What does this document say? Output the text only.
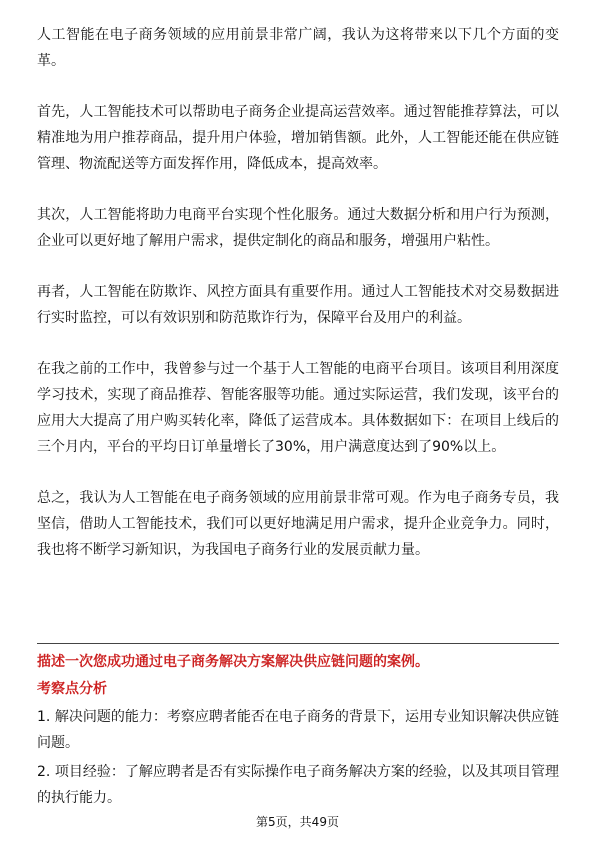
人工智能在电子商务领域的应用前景非常广阔，我认为这将带来以下几个方面的变革。

首先，人工智能技术可以帮助电子商务企业提高运营效率。通过智能推荐算法，可以精准地为用户推荐商品，提升用户体验，增加销售额。此外，人工智能还能在供应链管理、物流配送等方面发挥作用，降低成本，提高效率。

其次，人工智能将助力电商平台实现个性化服务。通过大数据分析和用户行为预测，企业可以更好地了解用户需求，提供定制化的商品和服务，增强用户粘性。

再者，人工智能在防欺诈、风控方面具有重要作用。通过人工智能技术对交易数据进行实时监控，可以有效识别和防范欺诈行为，保障平台及用户的利益。

在我之前的工作中，我曾参与过一个基于人工智能的电商平台项目。该项目利用深度学习技术，实现了商品推荐、智能客服等功能。通过实际运营，我们发现，该平台的应用大大提高了用户购买转化率，降低了运营成本。具体数据如下：在项目上线后的三个月内，平台的平均日订单量增长了30%，用户满意度达到了90%以上。

总之，我认为人工智能在电子商务领域的应用前景非常可观。作为电子商务专员，我坚信，借助人工智能技术，我们可以更好地满足用户需求，提升企业竞争力。同时，我也将不断学习新知识，为我国电子商务行业的发展贡献力量。

描述一次您成功通过电子商务解决方案解决供应链问题的案例。
考察点分析
1. 解决问题的能力：考察应聘者能否在电子商务的背景下，运用专业知识解决供应链问题。
2. 项目经验：了解应聘者是否有实际操作电子商务解决方案的经验，以及其项目管理的执行能力。
第5页，共49页
